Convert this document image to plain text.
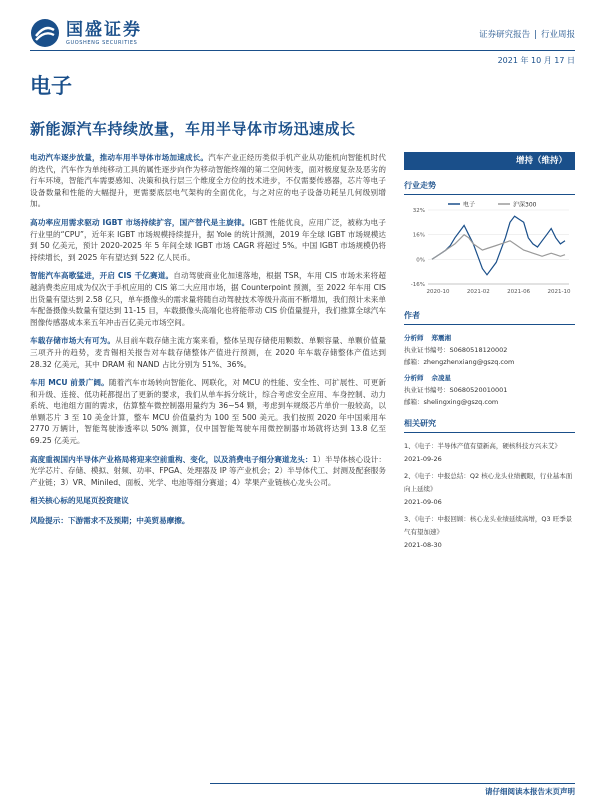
国盛证券
GUOSHENG SECURITIES
证券研究报告 | 行业周报
2021 年 10 月 17 日
电子
新能源汽车持续放量，车用半导体市场迅速成长

电动汽车逐步放量，推动车用半导体市场加速成长。汽车产业正经历类似手机产业从功能机向智能机时代的迭代，汽车作为单纯移动工具的属性逐步向作为移动智能终端的第二空间转变，面对极度复杂及恶劣的行车环境，智能汽车需要感知、决策和执行层三个维度全方位的技术进步，不仅需要传感器，芯片等电子设备数量和性能的大幅提升，更需要底层电气架构的全面优化，与之对应的电子设备功耗呈几何级别增加。

高功率应用需求驱动 IGBT 市场持续扩容，国产替代是主旋律。IGBT 性能优良，应用广泛，被称为电子行业里的“CPU”，近年来 IGBT 市场规模持续提升，据 Yole 的统计预测，2019 年全球 IGBT 市场规模达到 50 亿美元，预计 2020-2025 年 5 年间全球 IGBT 市场 CAGR 将超过 5%。中国 IGBT 市场规模仍将持续增长，到 2025 年有望达到 522 亿人民币。

智能汽车高歌猛进，开启 CIS 千亿赛道。自动驾驶商业化加速落地，根据 TSR，车用 CIS 市场未来将超越消费类应用成为仅次于手机应用的 CIS 第二大应用市场，据 Counterpoint 预测，至 2022 年车用 CIS 出货量有望达到 2.58 亿只，单车摄像头的需求量将随自动驾驶技术等级升高而不断增加，我们预计未来单车配备摄像头数量有望达到 11-15 目，车载摄像头高端化也将能带动 CIS 价值量提升，我们推算全球汽车图像传感器成本来五年冲击百亿美元市场空间。

车载存储市场大有可为。从目前车载存储主流方案来看，整体呈现存储使用颗数、单颗容量、单颗价值量三项齐升的趋势，麦肯锡相关报告对车载存储整体产值进行预测，在 2020 年车载存储整体产值达到 28.32 亿美元，其中 DRAM 和 NAND 占比分别为 51%、36%。

车用 MCU 前景广阔。随着汽车市场转向智能化、网联化，对 MCU 的性能、安全性、可扩展性、可更新和升级、连接、低功耗都提出了更新的要求，我们从单车拆分统计，综合考虑安全应用、车身控制、动力系统、电池组方面的需求，估算整车微控制器用量约为 36~54 颗，考虑到车规级芯片单价一般较高，以单颗芯片 3 至 10 美金计算，整车 MCU 价值量约为 100 至 500 美元。我们按照 2020 年中国乘用车 2770 万辆计，智能驾驶渗透率以 50% 测算，仅中国智能驾驶车用微控制器市场就将达到 13.8 亿至 69.25 亿美元。

高度重视国内半导体产业格局将迎来空前重构、变化，以及消费电子细分赛道龙头：1）半导体核心设计：光学芯片、存储、模拟、射频、功率、FPGA、处理器及 IP 等产业机会；2）半导体代工、封测及配套服务产业链；3）VR、Miniled、面板、光学、电池等细分赛道；4）苹果产业链核心龙头公司。

相关核心标的见尾页投资建议
风险提示：下游需求不及预期；中美贸易摩擦。
增持（维持）
行业走势
电子	沪深300
32%
16%
0%
-16%
2020-10	2021-02	2021-06	2021-10
作者
分析师 郑震湘
执业证书编号：S0680518120002
邮箱：zhengzhenxiang@gszq.com
分析师 佘凌星
执业证书编号：S0680520010001
邮箱：shelingxing@gszq.com
相关研究
1、《电子：半导体产值有望新高，硬核科技方兴未艾》
2021-09-26
2、《电子：中报总结：Q2 核心龙头业绩靓眼，行业基本面向上延续》
2021-09-06
3、《电子：中报回顾：核心龙头业绩延续高增，Q3 旺季景气有望加速》
2021-08-30
请仔细阅读本报告末页声明
